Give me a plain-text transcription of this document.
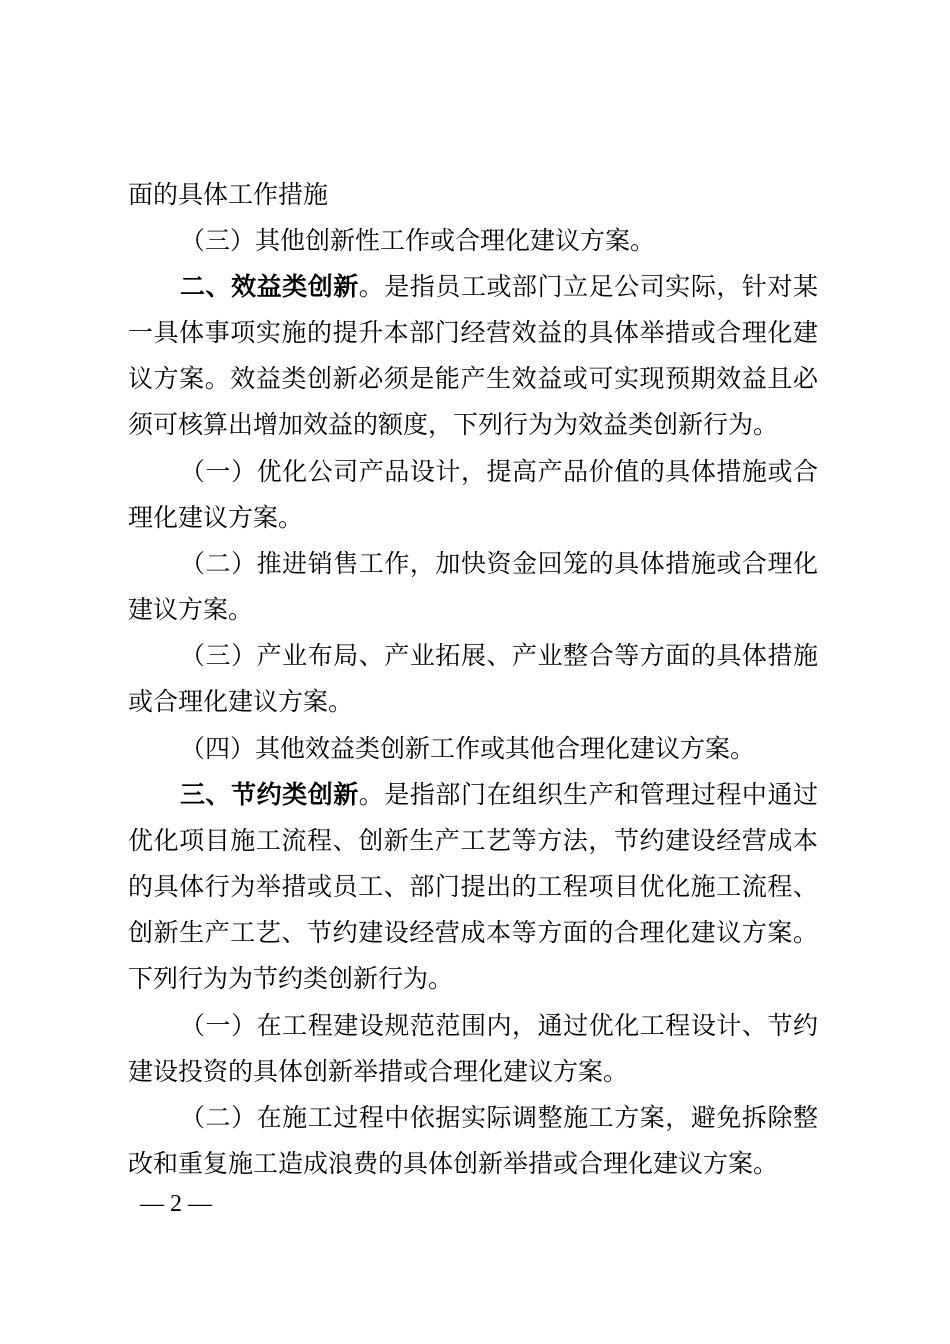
面的具体工作措施
（三）其他创新性工作或合理化建议方案。
二、效益类创新。是指员工或部门立足公司实际，针对某
一具体事项实施的提升本部门经营效益的具体举措或合理化建
议方案。效益类创新必须是能产生效益或可实现预期效益且必
须可核算出增加效益的额度，下列行为为效益类创新行为。
（一）优化公司产品设计，提高产品价值的具体措施或合
理化建议方案。
（二）推进销售工作，加快资金回笼的具体措施或合理化
建议方案。
（三）产业布局、产业拓展、产业整合等方面的具体措施
或合理化建议方案。
（四）其他效益类创新工作或其他合理化建议方案。
三、节约类创新。是指部门在组织生产和管理过程中通过
优化项目施工流程、创新生产工艺等方法，节约建设经营成本
的具体行为举措或员工、部门提出的工程项目优化施工流程、
创新生产工艺、节约建设经营成本等方面的合理化建议方案。
下列行为为节约类创新行为。
（一）在工程建设规范范围内，通过优化工程设计、节约
建设投资的具体创新举措或合理化建议方案。
（二）在施工过程中依据实际调整施工方案，避免拆除整
改和重复施工造成浪费的具体创新举措或合理化建议方案。
— 2 —
